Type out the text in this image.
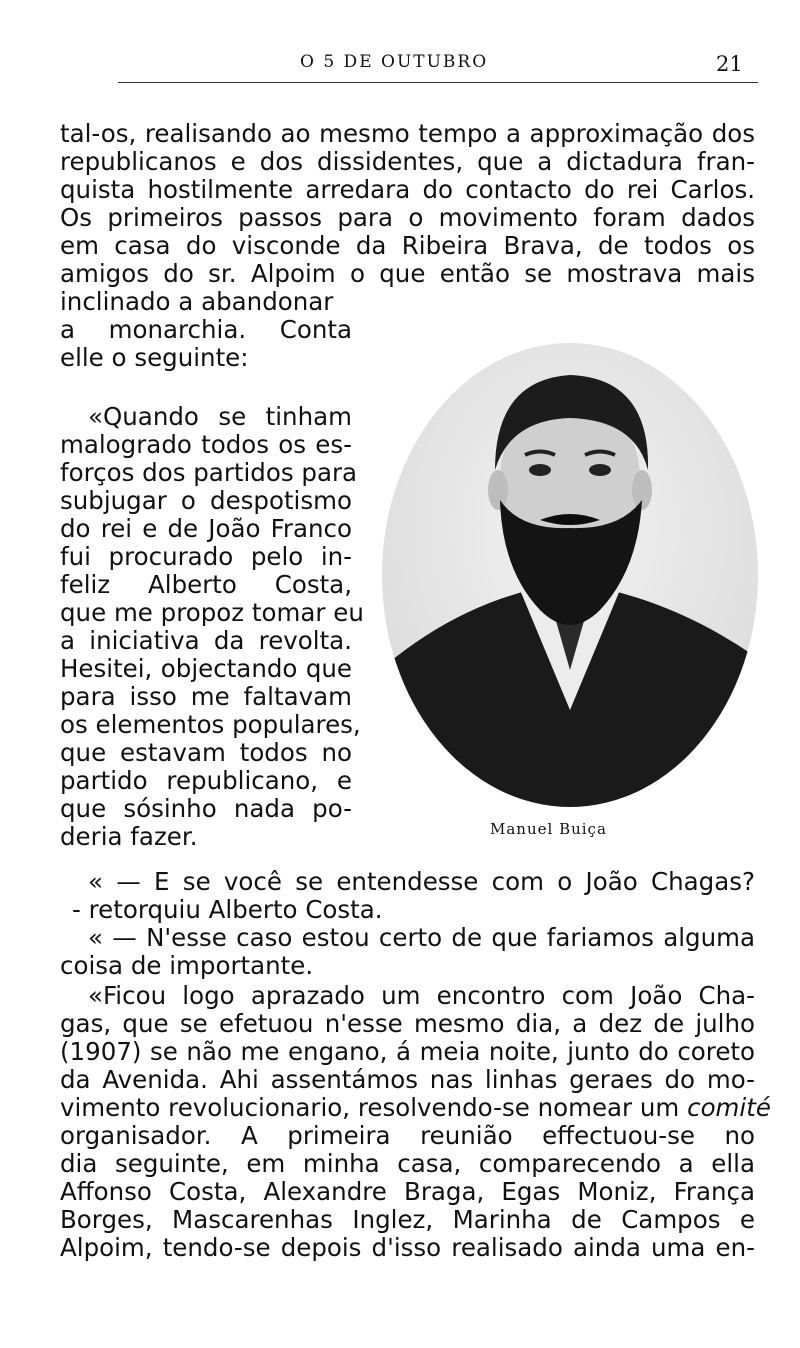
O 5 DE OUTUBRO	21
tal-os, realisando ao mesmo tempo a approximação dos
republicanos e dos dissidentes, que a dictadura fran-
quista hostilmente arredara do contacto do rei Carlos.
Os primeiros passos para o movimento foram dados
em casa do visconde da Ribeira Brava, de todos os
amigos do sr. Alpoim o que então se mostrava mais
inclinado a abandonar
a monarchia. Conta
elle o seguinte:
«Quando se tinham
malogrado todos os es-
forços dos partidos para
subjugar o despotismo
do rei e de João Franco
fui procurado pelo in-
feliz Alberto Costa,
que me propoz tomar eu
a iniciativa da revolta.
Hesitei, objectando que
para isso me faltavam
os elementos populares,
que estavam todos no
partido republicano, e
que sósinho nada po-
deria fazer.	Manuel Buiça
« — E se você se entendesse com o João Chagas?
- retorquiu Alberto Costa.
« — N'esse caso estou certo de que fariamos alguma
coisa de importante.
«Ficou logo aprazado um encontro com João Cha-
gas, que se efetuou n'esse mesmo dia, a dez de julho
(1907) se não me engano, á meia noite, junto do coreto
da Avenida. Ahi assentámos nas linhas geraes do mo-
vimento revolucionario, resolvendo-se nomear um comité
organisador. A primeira reunião effectuou-se no
dia seguinte, em minha casa, comparecendo a ella
Affonso Costa, Alexandre Braga, Egas Moniz, França
Borges, Mascarenhas Inglez, Marinha de Campos e
Alpoim, tendo-se depois d'isso realisado ainda uma en-
